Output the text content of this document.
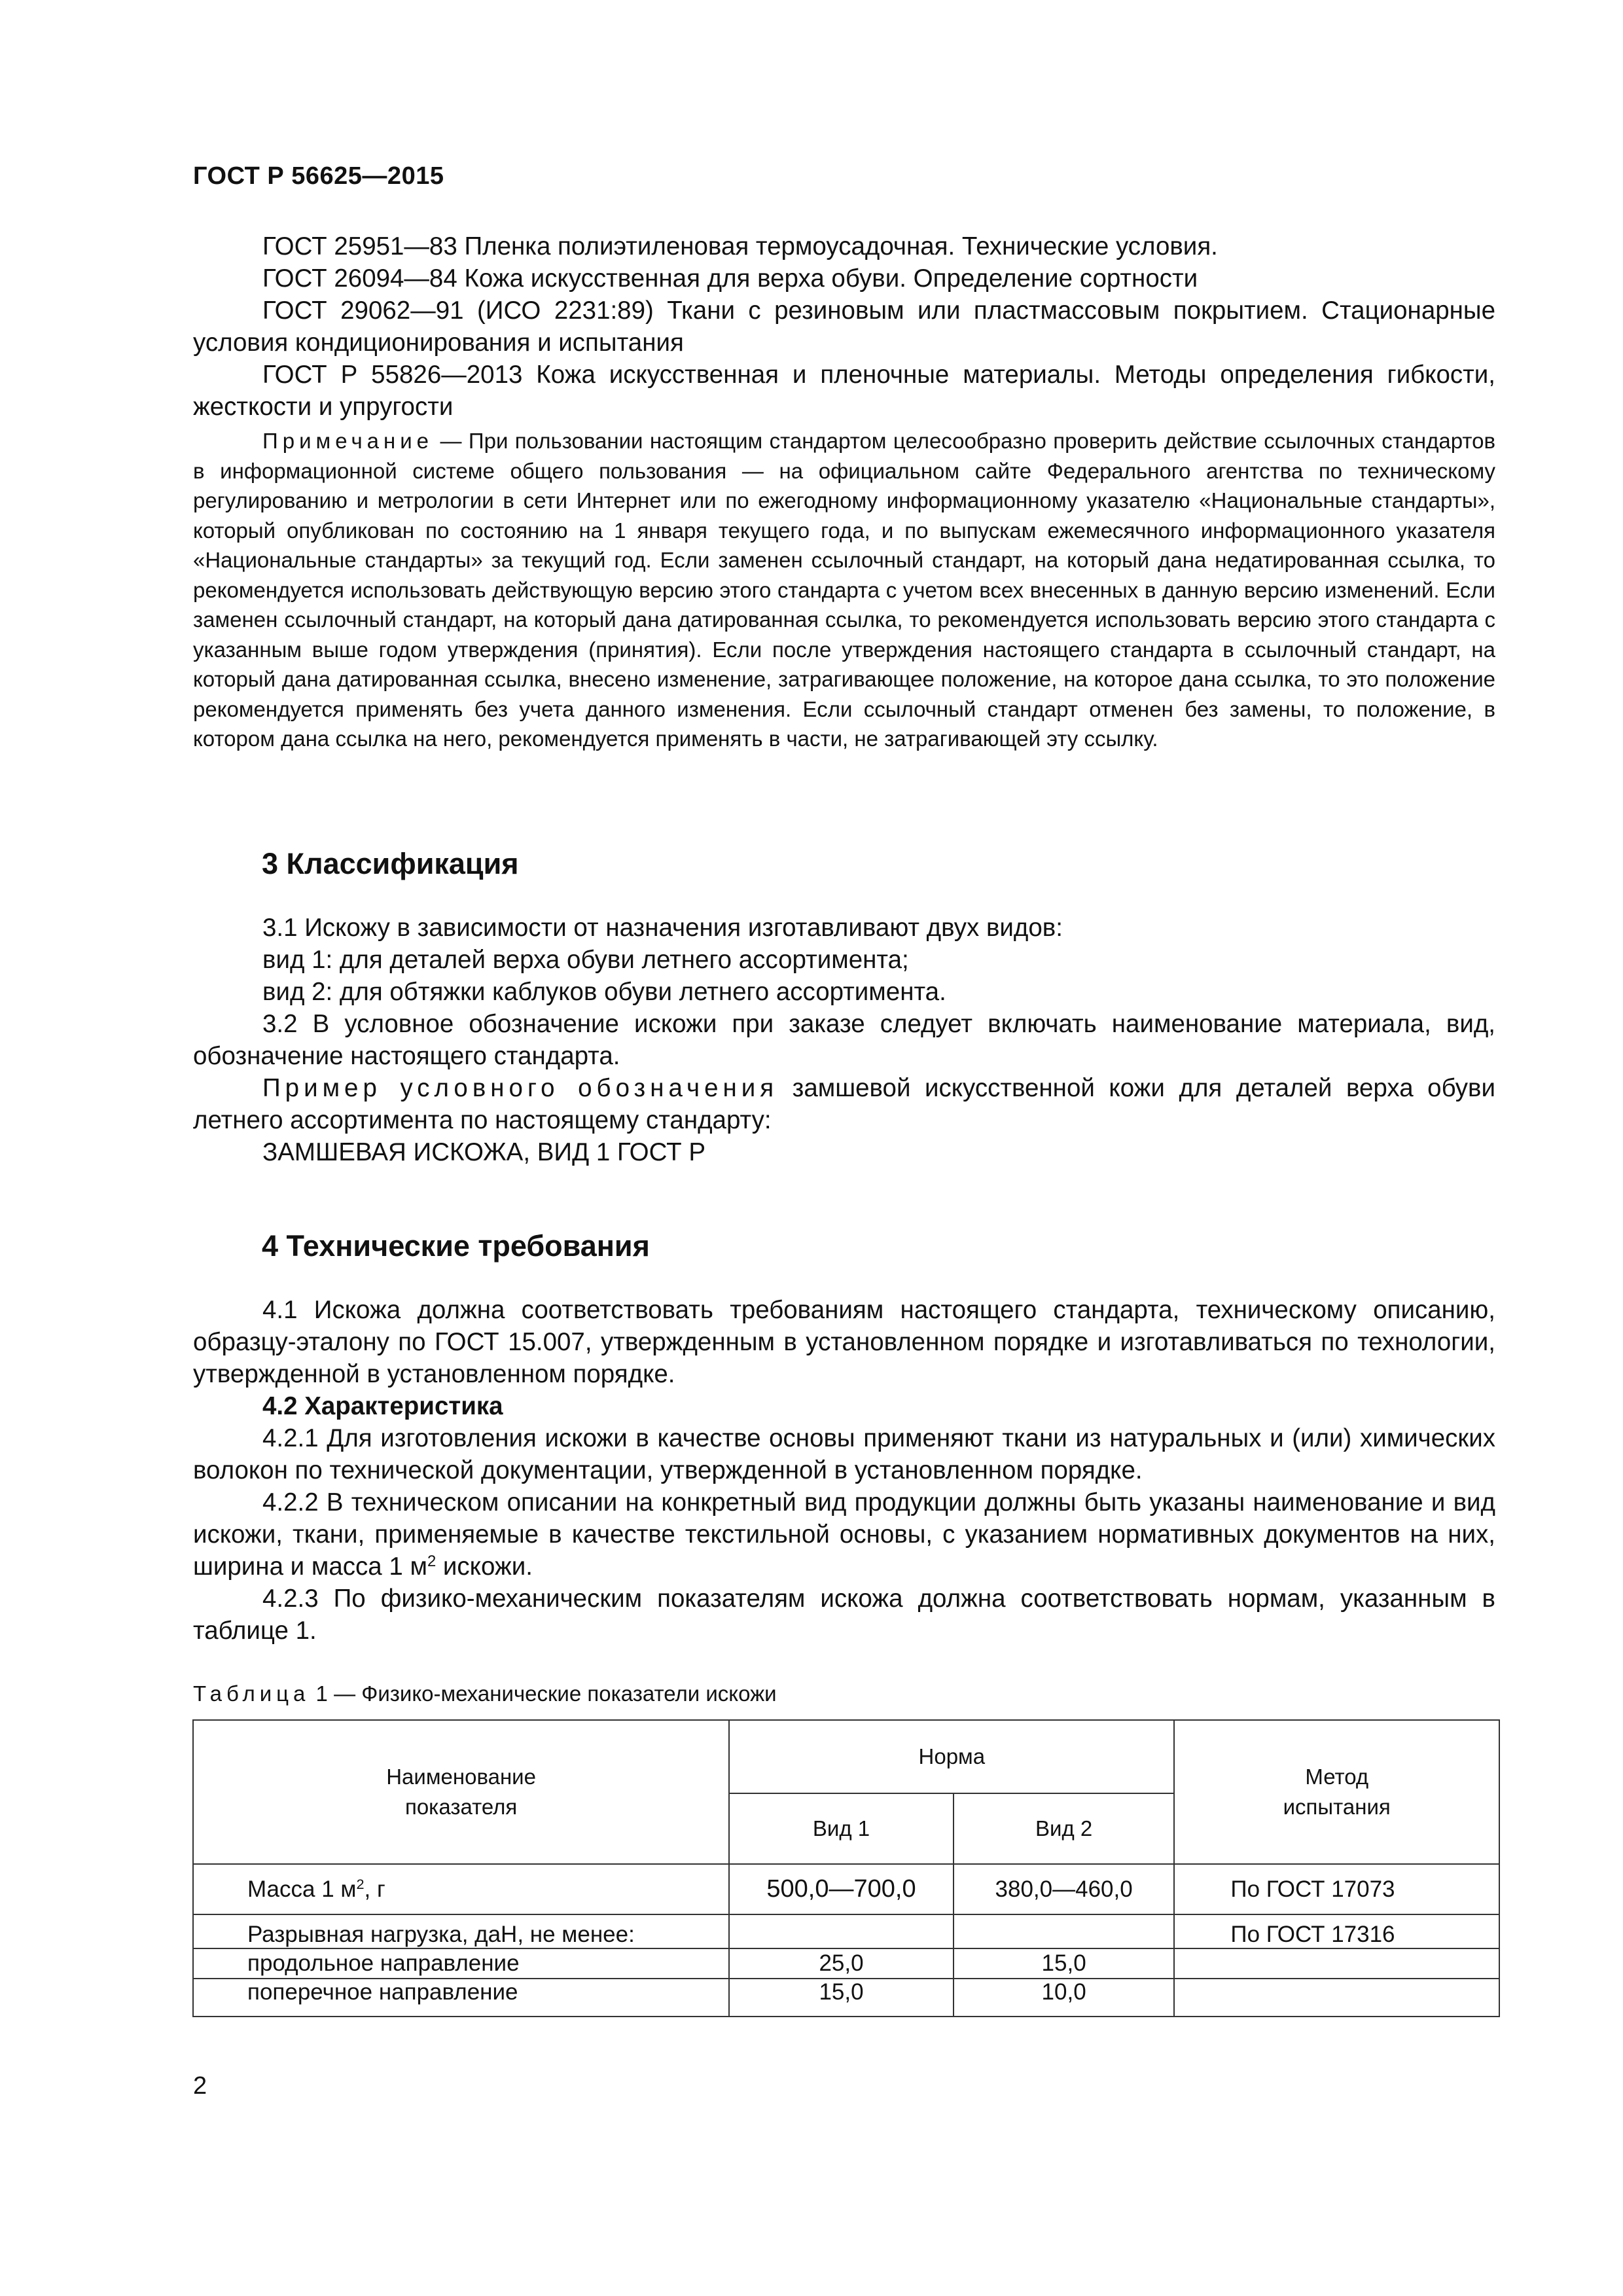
ГОСТ Р 56625—2015

ГОСТ 25951—83 Пленка полиэтиленовая термоусадочная. Технические условия.

ГОСТ 26094—84 Кожа искусственная для верха обуви. Определение сортности

ГОСТ 29062—91 (ИСО 2231:89) Ткани с резиновым или пластмассовым покрытием. Стационарные условия кондиционирования и испытания

ГОСТ Р 55826—2013 Кожа искусственная и пленочные материалы. Методы определения гибкости, жесткости и упругости

Примечание — При пользовании настоящим стандартом целесообразно проверить действие ссылочных стандартов в информационной системе общего пользования — на официальном сайте Федерального агентства по техническому регулированию и метрологии в сети Интернет или по ежегодному информационному указателю «Национальные стандарты», который опубликован по состоянию на 1 января текущего года, и по выпускам ежемесячного информационного указателя «Национальные стандарты» за текущий год. Если заменен ссылочный стандарт, на который дана недатированная ссылка, то рекомендуется использовать действующую версию этого стандарта с учетом всех внесенных в данную версию изменений. Если заменен ссылочный стандарт, на который дана датированная ссылка, то рекомендуется использовать версию этого стандарта с указанным выше годом утверждения (принятия). Если после утверждения настоящего стандарта в ссылочный стандарт, на который дана датированная ссылка, внесено изменение, затрагивающее положение, на которое дана ссылка, то это положение рекомендуется применять без учета данного изменения. Если ссылочный стандарт отменен без замены, то положение, в котором дана ссылка на него, рекомендуется применять в части, не затрагивающей эту ссылку.

3 Классификация

3.1 Искожу в зависимости от назначения изготавливают двух видов:

вид 1: для деталей верха обуви летнего ассортимента;

вид 2: для обтяжки каблуков обуви летнего ассортимента.

3.2 В условное обозначение искожи при заказе следует включать наименование материала, вид, обозначение настоящего стандарта.

Пример условного обозначения замшевой искусственной кожи для деталей верха обуви летнего ассортимента по настоящему стандарту:

ЗАМШЕВАЯ ИСКОЖА, ВИД 1 ГОСТ Р

4 Технические требования

4.1 Искожа должна соответствовать требованиям настоящего стандарта, техническому описанию, образцу-эталону по ГОСТ 15.007, утвержденным в установленном порядке и изготавливаться по технологии, утвержденной в установленном порядке.

4.2 Характеристика

4.2.1 Для изготовления искожи в качестве основы применяют ткани из натуральных и (или) химических волокон по технической документации, утвержденной в установленном порядке.

4.2.2 В техническом описании на конкретный вид продукции должны быть указаны наименование и вид искожи, ткани, применяемые в качестве текстильной основы, с указанием нормативных документов на них, ширина и масса 1 $м^2$ искожи.

4.2.3 По физико-механическим показателям искожа должна соответствовать нормам, указанным в таблице 1.

Таблица 1 — Физико-механические показатели искожи
Наименование показателя	Норма		Метод испытания

	Вид 1	Вид 2	
Масса 1 $м^2$, г	500,0—700,0	380,0—460,0	По ГОСТ 17073
Разрывная нагрузка, даН, не менее:			По ГОСТ 17316
продольное направление	25,0	15,0	
поперечное направление	15,0	10,0	
2
